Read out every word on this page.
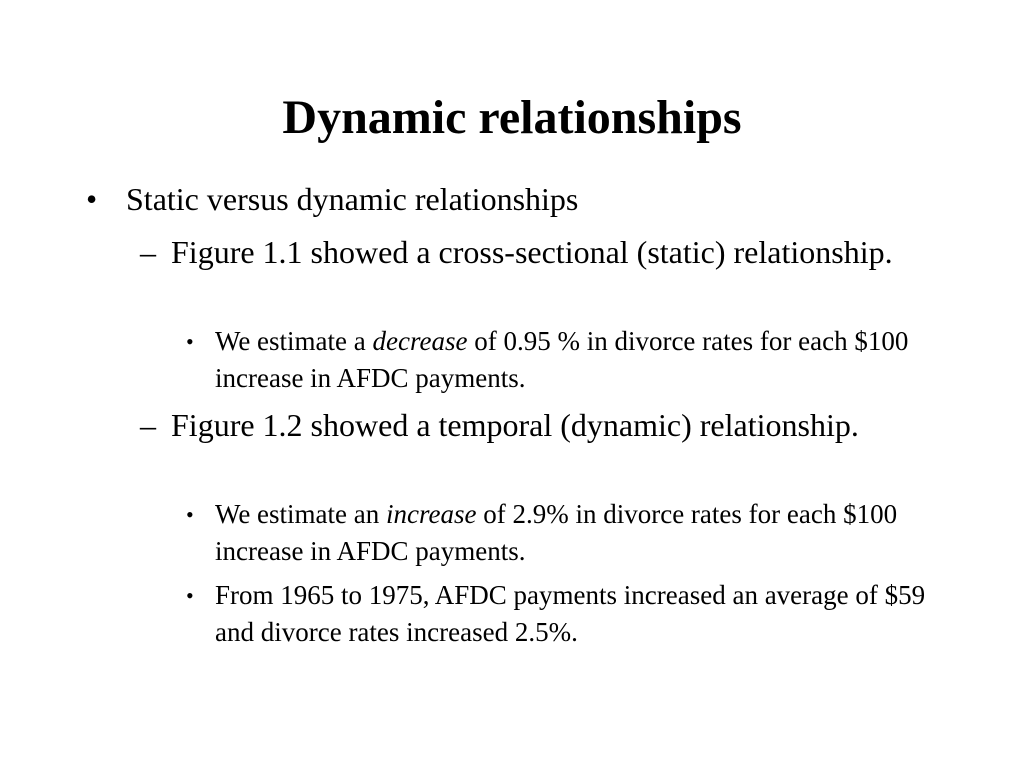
Dynamic relationships
• Static versus dynamic relationships
– Figure 1.1 showed a cross-sectional (static) relationship.
• We estimate a decrease of 0.95 % in divorce rates for each $100 increase in AFDC payments.
– Figure 1.2 showed a temporal (dynamic) relationship.
• We estimate an increase of 2.9% in divorce rates for each $100 increase in AFDC payments.
• From 1965 to 1975, AFDC payments increased an average of $59 and divorce rates increased 2.5%.
